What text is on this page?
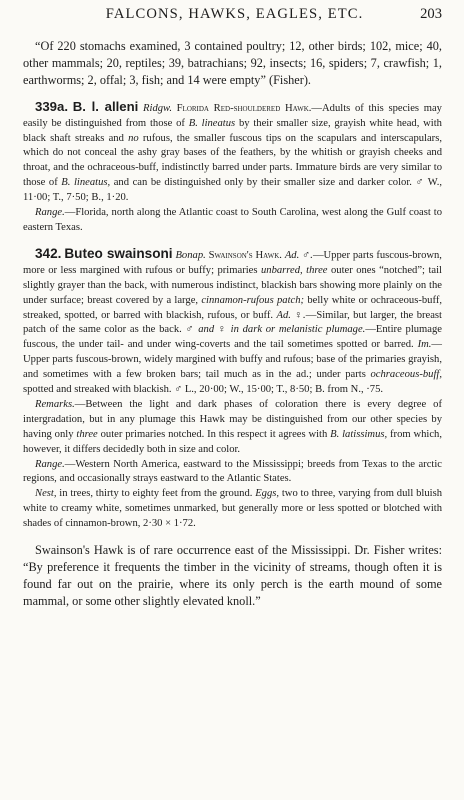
FALCONS, HAWKS, EAGLES, ETC.	203

“Of 220 stomachs examined, 3 contained poultry; 12, other birds; 102, mice; 40, other mammals; 20, reptiles; 39, batrachians; 92, insects; 16, spiders; 7, crawfish; 1, earthworms; 2, offal; 3, fish; and 14 were empty” (Fisher).

339a. B. l. alleni Ridgw. Florida Red-shouldered Hawk.—Adults of this species may easily be distinguished from those of B. lineatus by their smaller size, grayish white head, with black shaft streaks and no rufous, the smaller fuscous tips on the scapulars and interscapulars, which do not conceal the ashy gray bases of the feathers, by the whitish or grayish cheeks and throat, and the ochraceous-buff, indistinctly barred under parts. Immature birds are very similar to those of B. lineatus, and can be distinguished only by their smaller size and darker color. ♂ W., 11·00; T., 7·50; B., 1·20.

Range.—Florida, north along the Atlantic coast to South Carolina, west along the Gulf coast to eastern Texas.

342. Buteo swainsoni Bonap. Swainson's Hawk. Ad. ♂.—Upper parts fuscous-brown, more or less margined with rufous or buffy; primaries unbarred, three outer ones “notched”; tail slightly grayer than the back, with numerous indistinct, blackish bars showing more plainly on the under surface; breast covered by a large, cinnamon-rufous patch; belly white or ochraceous-buff, streaked, spotted, or barred with blackish, rufous, or buff. Ad. ♀.—Similar, but larger, the breast patch of the same color as the back. ♂ and ♀ in dark or melanistic plumage.—Entire plumage fuscous, the under tail- and under wing-coverts and the tail sometimes spotted or barred. Im.—Upper parts fuscous-brown, widely margined with buffy and rufous; base of the primaries grayish, and sometimes with a few broken bars; tail much as in the ad.; under parts ochraceous-buff, spotted and streaked with blackish. ♂ L., 20·00; W., 15·00; T., 8·50; B. from N., ·75.

Remarks.—Between the light and dark phases of coloration there is every degree of intergradation, but in any plumage this Hawk may be distinguished from our other species by having only three outer primaries notched. In this respect it agrees with B. latissimus, from which, however, it differs decidedly both in size and color.

Range.—Western North America, eastward to the Mississippi; breeds from Texas to the arctic regions, and occasionally strays eastward to the Atlantic States.

Nest, in trees, thirty to eighty feet from the ground. Eggs, two to three, varying from dull bluish white to creamy white, sometimes unmarked, but generally more or less spotted or blotched with shades of cinnamon-brown, 2·30 × 1·72.

Swainson's Hawk is of rare occurrence east of the Mississippi. Dr. Fisher writes: “By preference it frequents the timber in the vicinity of streams, though often it is found far out on the prairie, where its only perch is the earth mound of some mammal, or some other slightly elevated knoll.”
